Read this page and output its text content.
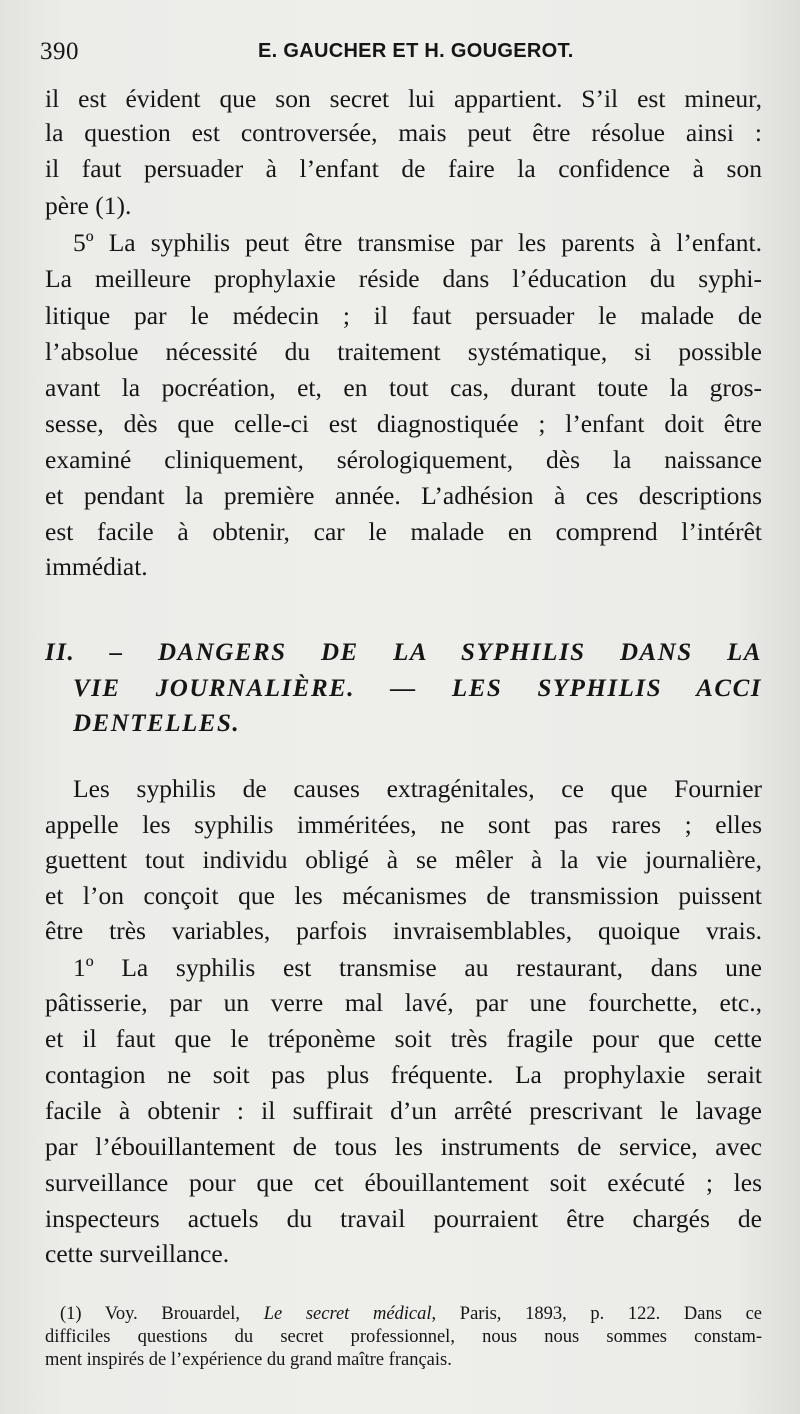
390	E. GAUCHER ET H. GOUGEROT.
il est évident que son secret lui appartient. S’il est mineur,
la question est controversée, mais peut être résolue ainsi :
il faut persuader à l’enfant de faire la confidence à son
père (1).
5º La syphilis peut être transmise par les parents à l’enfant.
La meilleure prophylaxie réside dans l’éducation du syphi-
litique par le médecin ; il faut persuader le malade de
l’absolue nécessité du traitement systématique, si possible
avant la pocréation, et, en tout cas, durant toute la gros-
sesse, dès que celle-ci est diagnostiquée ; l’enfant doit être
examiné cliniquement, sérologiquement, dès la naissance
et pendant la première année. L’adhésion à ces descriptions
est facile à obtenir, car le malade en comprend l’intérêt
immédiat.
II. – DANGERS DE LA SYPHILIS DANS LA
VIE JOURNALIÈRE. — LES SYPHILIS ACCI
DENTELLES.
Les syphilis de causes extragénitales, ce que Fournier
appelle les syphilis imméritées, ne sont pas rares ; elles
guettent tout individu obligé à se mêler à la vie journalière,
et l’on conçoit que les mécanismes de transmission puissent
être très variables, parfois invraisemblables, quoique vrais.
1º La syphilis est transmise au restaurant, dans une
pâtisserie, par un verre mal lavé, par une fourchette, etc.,
et il faut que le tréponème soit très fragile pour que cette
contagion ne soit pas plus fréquente. La prophylaxie serait
facile à obtenir : il suffirait d’un arrêté prescrivant le lavage
par l’ébouillantement de tous les instruments de service, avec
surveillance pour que cet ébouillantement soit exécuté ; les
inspecteurs actuels du travail pourraient être chargés de
cette surveillance.
(1) Voy. Brouardel, Le secret médical, Paris, 1893, p. 122. Dans ce
difficiles questions du secret professionnel, nous nous sommes constam-
ment inspirés de l’expérience du grand maître français.
